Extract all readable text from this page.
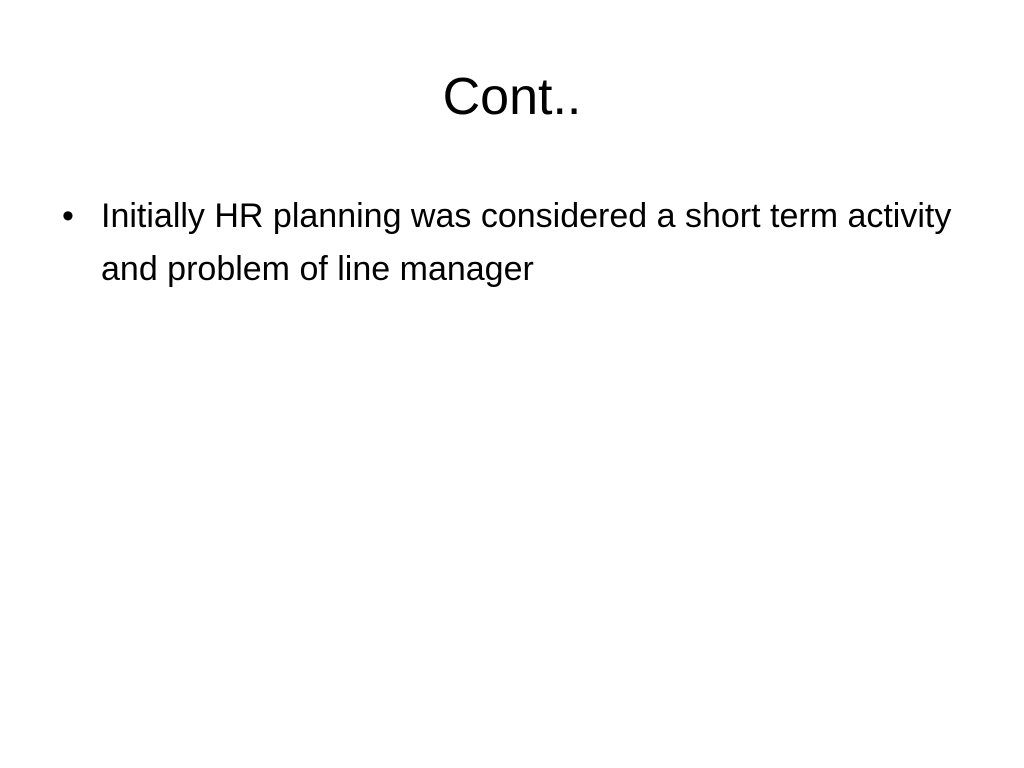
Cont..
• Initially HR planning was considered a short term activity and problem of line manager
